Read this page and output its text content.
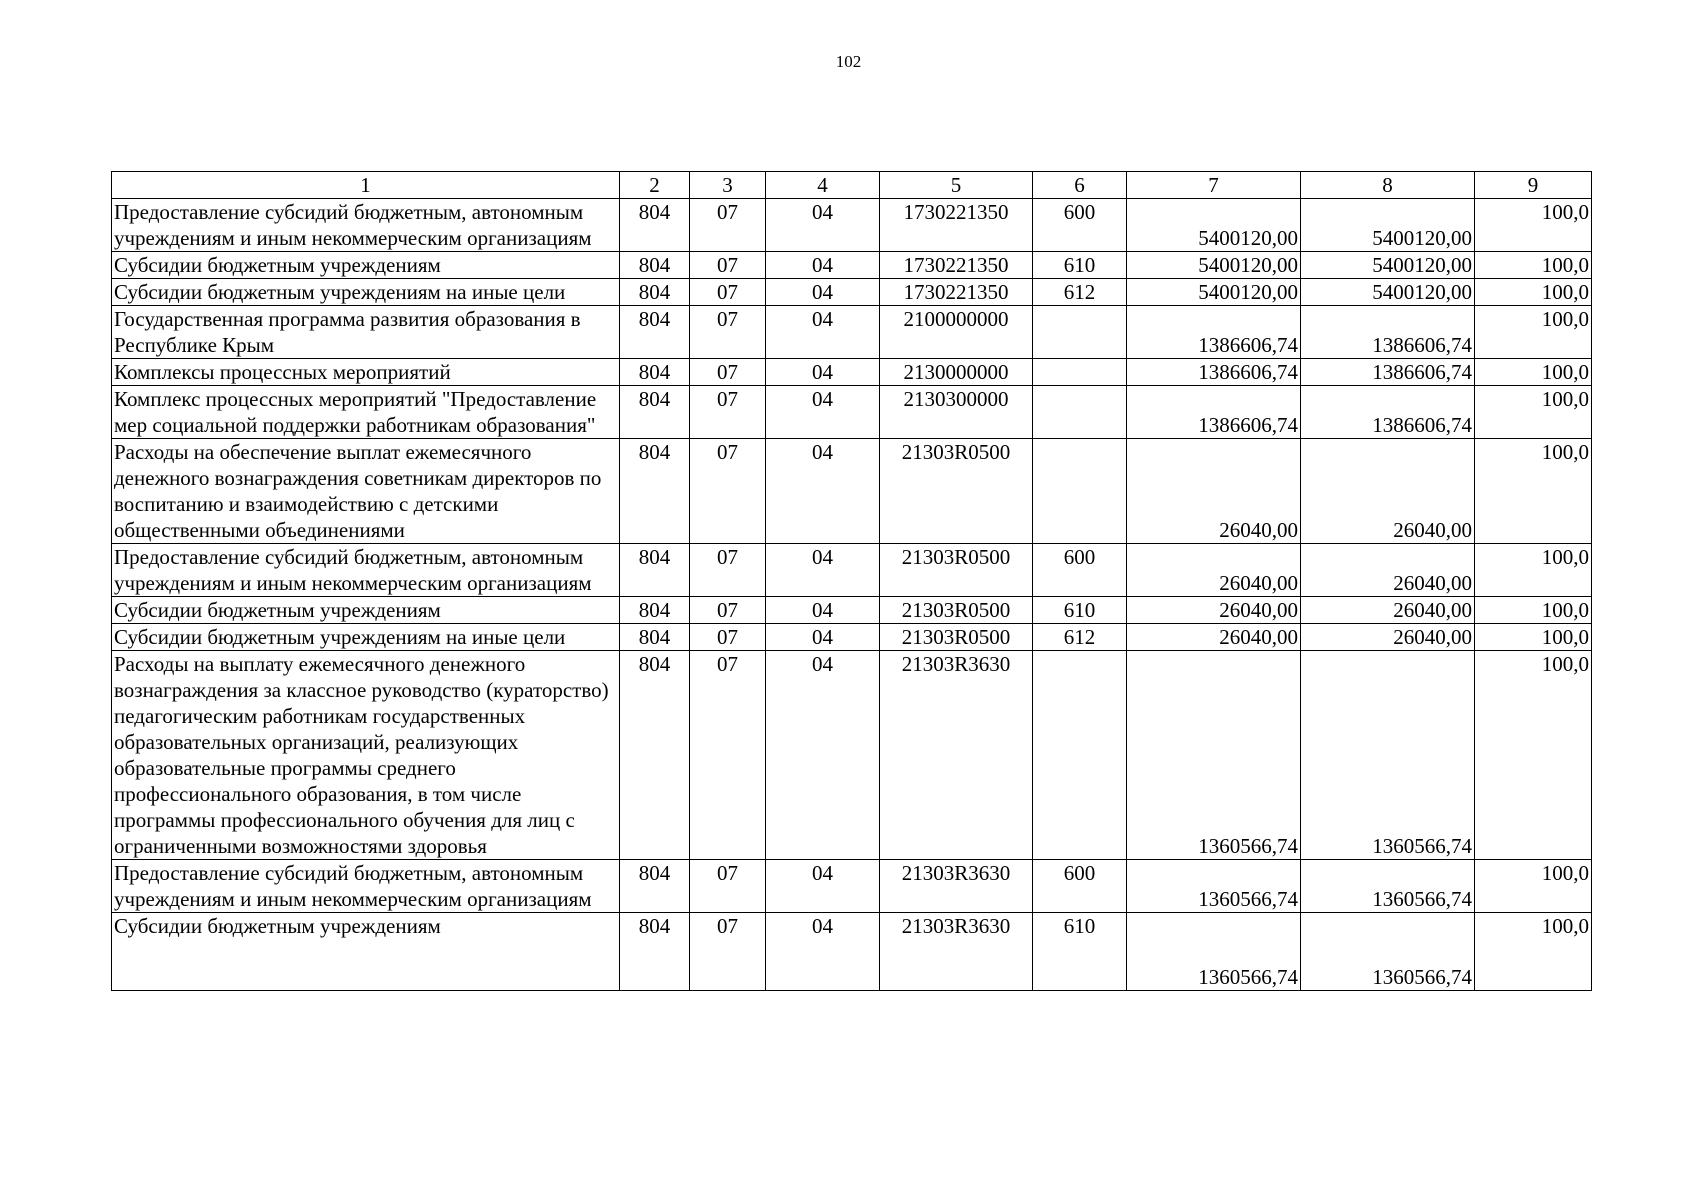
102
1	2	3	4	5	6	7	8	9
Предоставление субсидий бюджетным, автономным учреждениям и иным некоммерческим организациям	804	07	04	1730221350	600	5400120,00	5400120,00	100,0
Субсидии бюджетным учреждениям	804	07	04	1730221350	610	5400120,00	5400120,00	100,0
Субсидии бюджетным учреждениям на иные цели	804	07	04	1730221350	612	5400120,00	5400120,00	100,0
Государственная программа развития образования в Республике Крым	804	07	04	2100000000		1386606,74	1386606,74	100,0
Комплексы процессных мероприятий	804	07	04	2130000000		1386606,74	1386606,74	100,0
Комплекс процессных мероприятий "Предоставление мер социальной поддержки работникам образования"	804	07	04	2130300000		1386606,74	1386606,74	100,0
Расходы на обеспечение выплат ежемесячного денежного вознаграждения советникам директоров по воспитанию и взаимодействию с детскими общественными объединениями	804	07	04	21303R0500		26040,00	26040,00	100,0
Предоставление субсидий бюджетным, автономным учреждениям и иным некоммерческим организациям	804	07	04	21303R0500	600	26040,00	26040,00	100,0
Субсидии бюджетным учреждениям	804	07	04	21303R0500	610	26040,00	26040,00	100,0
Субсидии бюджетным учреждениям на иные цели	804	07	04	21303R0500	612	26040,00	26040,00	100,0
Расходы на выплату ежемесячного денежного вознаграждения за классное руководство (кураторство) педагогическим работникам государственных образовательных организаций, реализующих образовательные программы среднего профессионального образования, в том числе программы профессионального обучения для лиц с ограниченными возможностями здоровья	804	07	04	21303R3630		1360566,74	1360566,74	100,0
Предоставление субсидий бюджетным, автономным учреждениям и иным некоммерческим организациям	804	07	04	21303R3630	600	1360566,74	1360566,74	100,0
Субсидии бюджетным учреждениям	804	07	04	21303R3630	610	1360566,74	1360566,74	100,0
